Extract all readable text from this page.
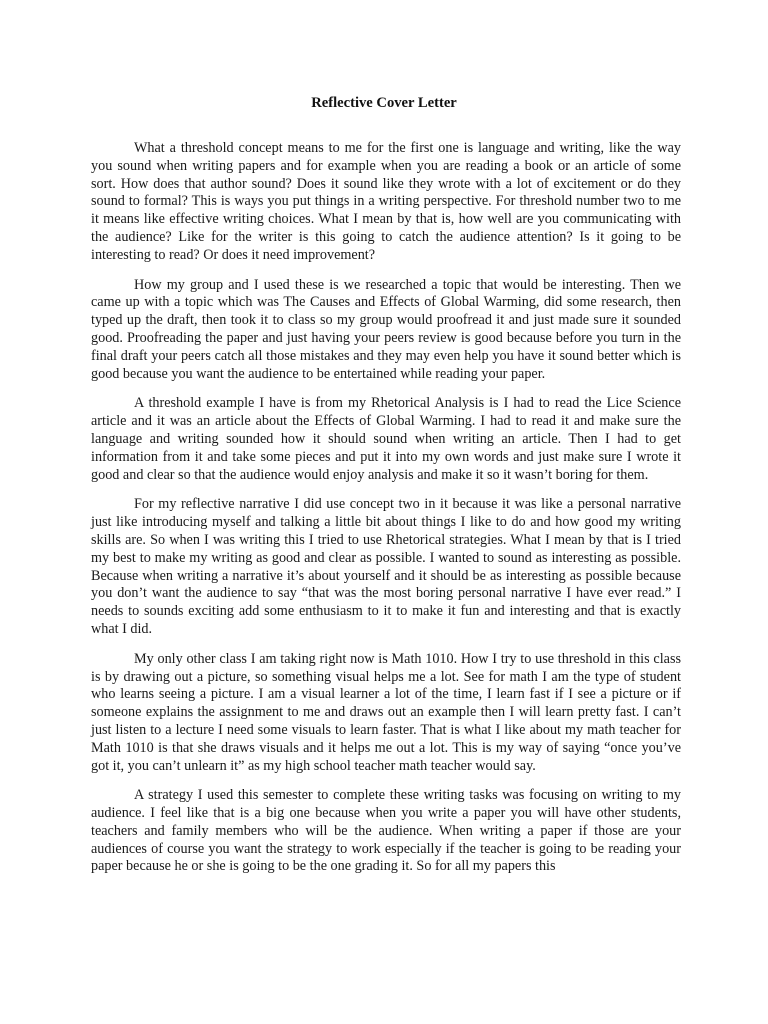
Reflective Cover Letter

What a threshold concept means to me for the first one is language and writing, like the way you sound when writing papers and for example when you are reading a book or an article of some sort. How does that author sound? Does it sound like they wrote with a lot of excitement or do they sound to formal? This is ways you put things in a writing perspective. For threshold number two to me it means like effective writing choices. What I mean by that is, how well are you communicating with the audience? Like for the writer is this going to catch the audience attention? Is it going to be interesting to read? Or does it need improvement?

How my group and I used these is we researched a topic that would be interesting. Then we came up with a topic which was The Causes and Effects of Global Warming, did some research, then typed up the draft, then took it to class so my group would proofread it and just made sure it sounded good. Proofreading the paper and just having your peers review is good because before you turn in the final draft your peers catch all those mistakes and they may even help you have it sound better which is good because you want the audience to be entertained while reading your paper.

A threshold example I have is from my Rhetorical Analysis is I had to read the Lice Science article and it was an article about the Effects of Global Warming. I had to read it and make sure the language and writing sounded how it should sound when writing an article. Then I had to get information from it and take some pieces and put it into my own words and just make sure I wrote it good and clear so that the audience would enjoy analysis and make it so it wasn’t boring for them.

For my reflective narrative I did use concept two in it because it was like a personal narrative just like introducing myself and talking a little bit about things I like to do and how good my writing skills are. So when I was writing this I tried to use Rhetorical strategies. What I mean by that is I tried my best to make my writing as good and clear as possible. I wanted to sound as interesting as possible. Because when writing a narrative it’s about yourself and it should be as interesting as possible because you don’t want the audience to say “that was the most boring personal narrative I have ever read.” I needs to sounds exciting add some enthusiasm to it to make it fun and interesting and that is exactly what I did.

My only other class I am taking right now is Math 1010. How I try to use threshold in this class is by drawing out a picture, so something visual helps me a lot. See for math I am the type of student who learns seeing a picture. I am a visual learner a lot of the time, I learn fast if I see a picture or if someone explains the assignment to me and draws out an example then I will learn pretty fast. I can’t just listen to a lecture I need some visuals to learn faster. That is what I like about my math teacher for Math 1010 is that she draws visuals and it helps me out a lot. This is my way of saying “once you’ve got it, you can’t unlearn it” as my high school teacher math teacher would say.

A strategy I used this semester to complete these writing tasks was focusing on writing to my audience. I feel like that is a big one because when you write a paper you will have other students, teachers and family members who will be the audience. When writing a paper if those are your audiences of course you want the strategy to work especially if the teacher is going to be reading your paper because he or she is going to be the one grading it. So for all my papers this
